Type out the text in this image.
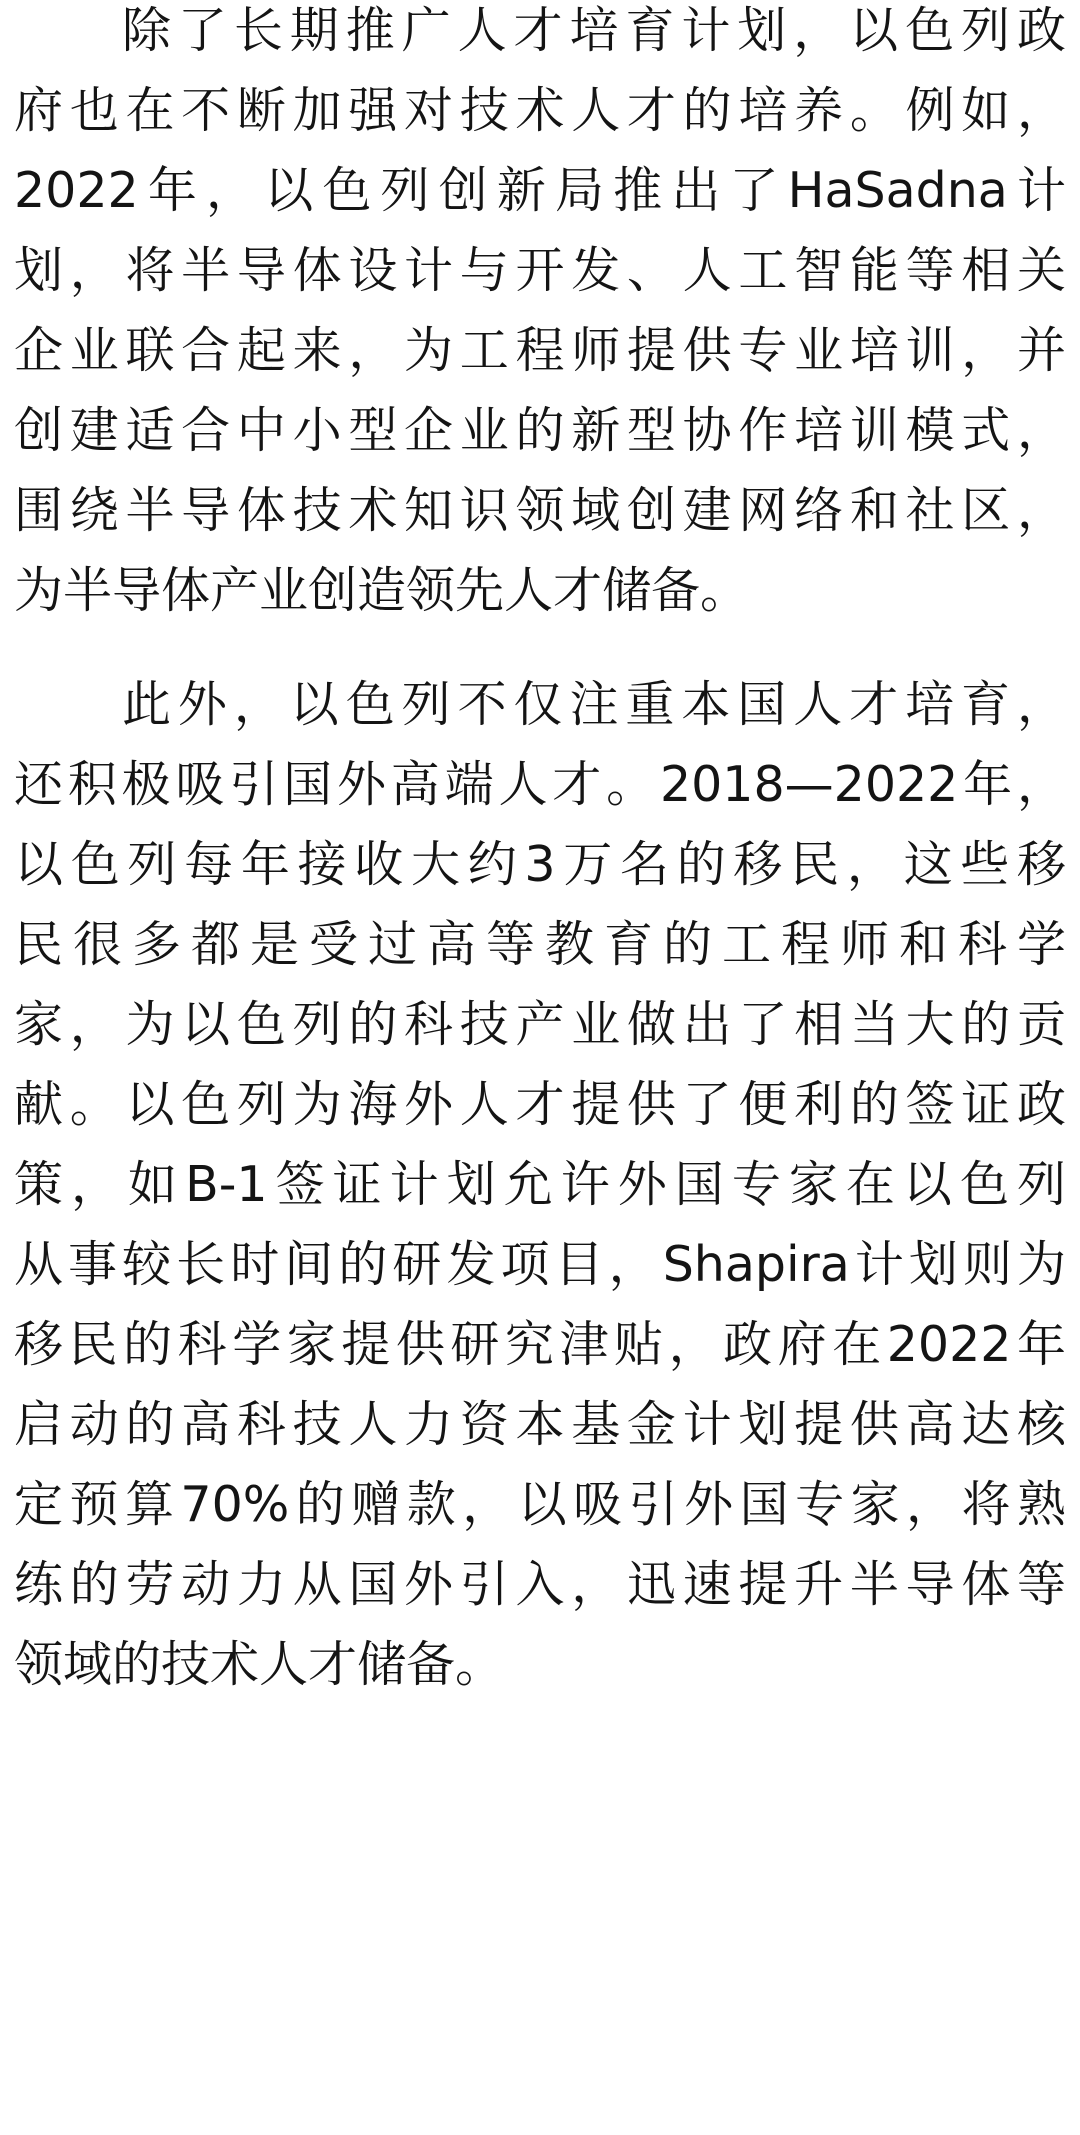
除了长期推广人才培育计划，以色列政
府也在不断加强对技术人才的培养。例如，
2022年，以色列创新局推出了HaSadna计
划，将半导体设计与开发、人工智能等相关
企业联合起来，为工程师提供专业培训，并
创建适合中小型企业的新型协作培训模式，
围绕半导体技术知识领域创建网络和社区，
为半导体产业创造领先人才储备。
此外，以色列不仅注重本国人才培育，
还积极吸引国外高端人才。2018—2022年，
以色列每年接收大约3万名的移民，这些移
民很多都是受过高等教育的工程师和科学
家，为以色列的科技产业做出了相当大的贡
献。以色列为海外人才提供了便利的签证政
策，如B-1签证计划允许外国专家在以色列
从事较长时间的研发项目，Shapira计划则为
移民的科学家提供研究津贴，政府在2022年
启动的高科技人力资本基金计划提供高达核
定预算70%的赠款，以吸引外国专家，将熟
练的劳动力从国外引入，迅速提升半导体等
领域的技术人才储备。
